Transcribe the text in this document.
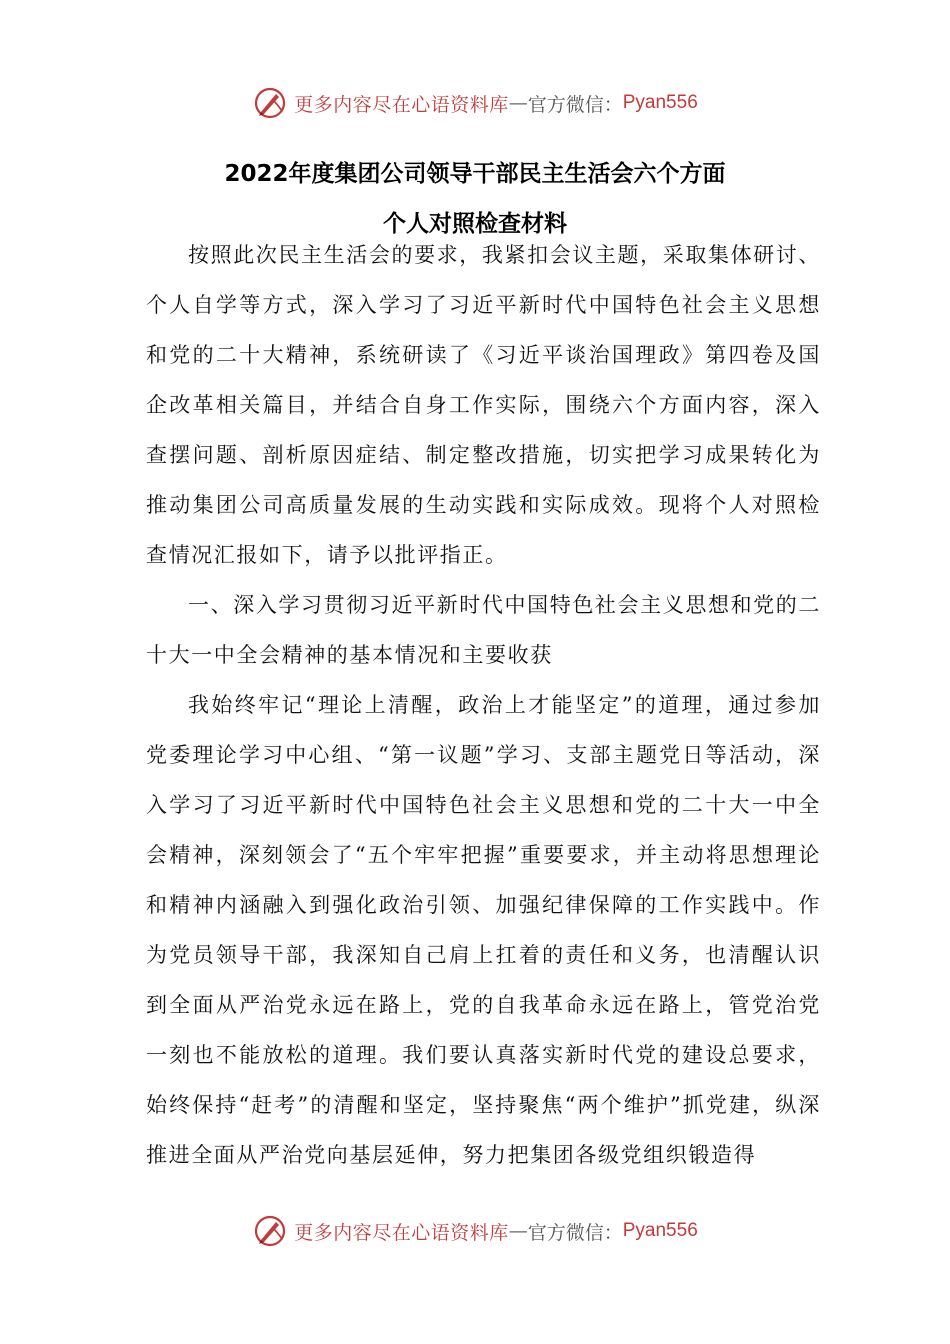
更多内容尽在心语资料库 — 官方微信： Pyan556
2022年度集团公司领导干部民主生活会六个方面
个人对照检查材料

按照此次民主生活会的要求，我紧扣会议主题，采取集体研讨、个人自学等方式，深入学习了习近平新时代中国特色社会主义思想和党的二十大精神，系统研读了《习近平谈治国理政》第四卷及国企改革相关篇目，并结合自身工作实际，围绕六个方面内容，深入查摆问题、剖析原因症结、制定整改措施，切实把学习成果转化为推动集团公司高质量发展的生动实践和实际成效。现将个人对照检查情况汇报如下，请予以批评指正。

一、深入学习贯彻习近平新时代中国特色社会主义思想和党的二十大一中全会精神的基本情况和主要收获

我始终牢记“理论上清醒，政治上才能坚定”的道理，通过参加党委理论学习中心组、“第一议题”学习、支部主题党日等活动，深入学习了习近平新时代中国特色社会主义思想和党的二十大一中全会精神，深刻领会了“五个牢牢把握”重要要求，并主动将思想理论和精神内涵融入到强化政治引领、加强纪律保障的工作实践中。作为党员领导干部，我深知自己肩上扛着的责任和义务，也清醒认识到全面从严治党永远在路上，党的自我革命永远在路上，管党治党一刻也不能放松的道理。我们要认真落实新时代党的建设总要求，始终保持“赶考”的清醒和坚定，坚持聚焦“两个维护”抓党建，纵深推进全面从严治党向基层延伸，努力把集团各级党组织锻造得

更多内容尽在心语资料库 — 官方微信： Pyan556
